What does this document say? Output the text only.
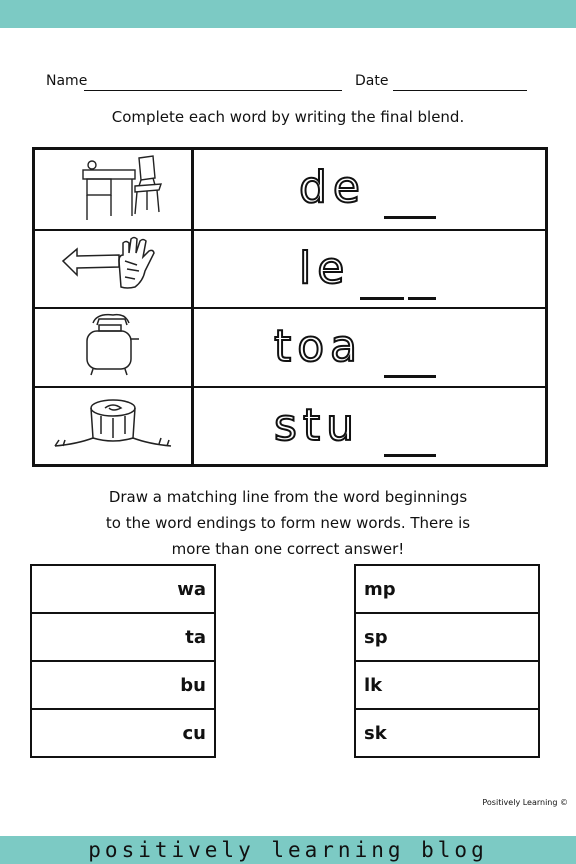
Name	Date
Complete each word by writing the final blend.
de
le
toa
stu
Draw a matching line from the word beginnings
to the word endings to form new words. There is
more than one correct answer!
wa
ta
bu
cu
mp
sp
lk
sk
Positively Learning ©
positively learning blog
